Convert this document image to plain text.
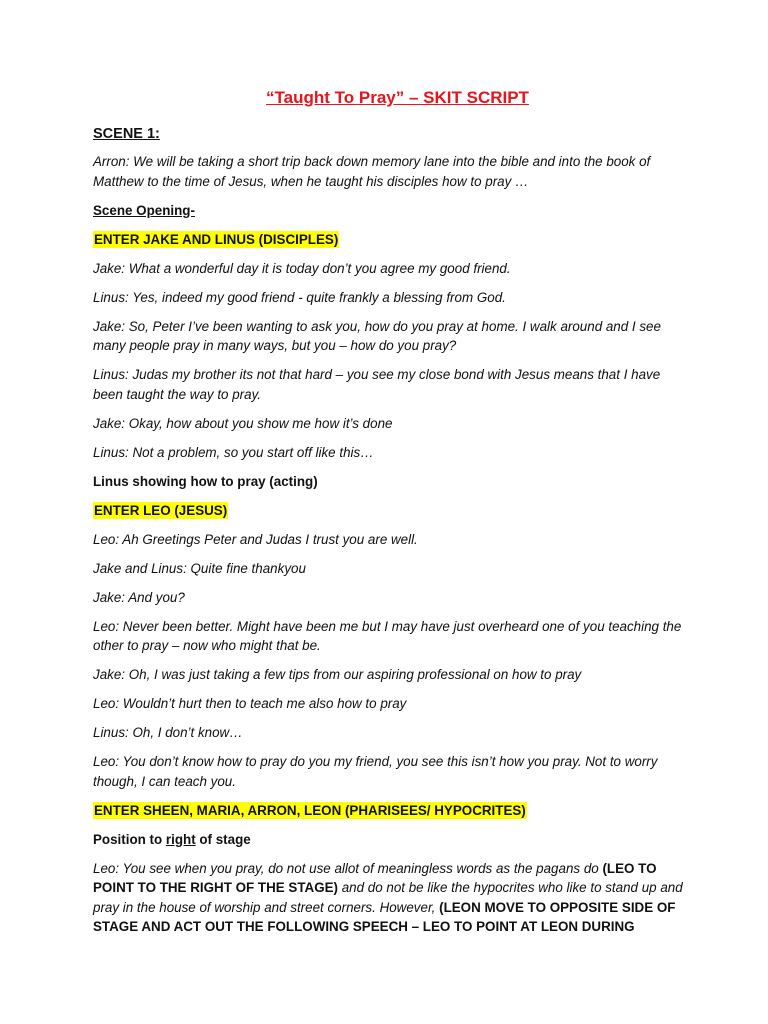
“Taught To Pray” – SKIT SCRIPT
SCENE 1:

Arron: We will be taking a short trip back down memory lane into the bible and into the book of Matthew to the time of Jesus, when he taught his disciples how to pray …

Scene Opening-

ENTER JAKE AND LINUS (DISCIPLES)

Jake: What a wonderful day it is today don’t you agree my good friend.

Linus: Yes, indeed my good friend - quite frankly a blessing from God.

Jake: So, Peter I’ve been wanting to ask you, how do you pray at home. I walk around and I see many people pray in many ways, but you – how do you pray?

Linus: Judas my brother its not that hard – you see my close bond with Jesus means that I have been taught the way to pray.

Jake: Okay, how about you show me how it’s done

Linus: Not a problem, so you start off like this…

Linus showing how to pray (acting)

ENTER LEO (JESUS)

Leo: Ah Greetings Peter and Judas I trust you are well.

Jake and Linus: Quite fine thankyou

Jake: And you?

Leo: Never been better. Might have been me but I may have just overheard one of you teaching the other to pray – now who might that be.

Jake: Oh, I was just taking a few tips from our aspiring professional on how to pray

Leo: Wouldn’t hurt then to teach me also how to pray

Linus: Oh, I don’t know…

Leo: You don’t know how to pray do you my friend, you see this isn’t how you pray. Not to worry though, I can teach you.

ENTER SHEEN, MARIA, ARRON, LEON (PHARISEES/ HYPOCRITES)

Position to right of stage

Leo: You see when you pray, do not use allot of meaningless words as the pagans do (LEO TO POINT TO THE RIGHT OF THE STAGE) and do not be like the hypocrites who like to stand up and pray in the house of worship and street corners. However, (LEON MOVE TO OPPOSITE SIDE OF STAGE AND ACT OUT THE FOLLOWING SPEECH – LEO TO POINT AT LEON DURING
